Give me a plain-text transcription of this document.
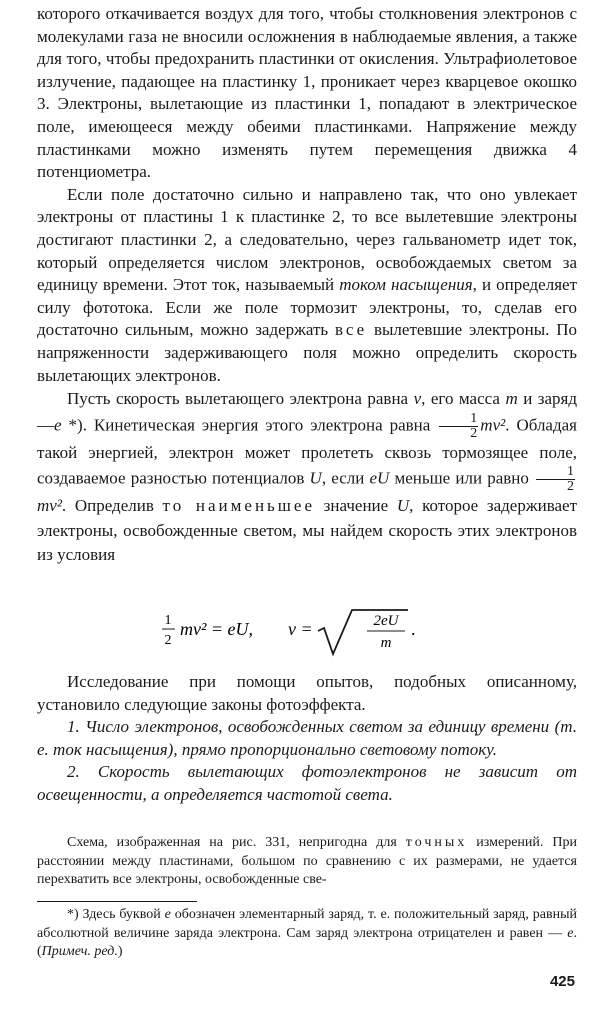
которого откачивается воздух для того, чтобы столкновения электронов с молекулами газа не вносили осложнения в наблюдаемые явления, а также для того, чтобы предохранить пластинки от окисления. Ультрафиолетовое излучение, падающее на пластинку 1, проникает через кварцевое окошко 3. Электроны, вылетающие из пластинки 1, попадают в электрическое поле, имеющееся между обеими пластинками. Напряжение между пластинками можно изменять путем перемещения движка 4 потенциометра.

Если поле достаточно сильно и направлено так, что оно увлекает электроны от пластины 1 к пластинке 2, то все вылетевшие электроны достигают пластинки 2, а следовательно, через гальванометр идет ток, который определяется числом электронов, освобождаемых светом за единицу времени. Этот ток, называемый током насыщения, и определяет силу фототока. Если же поле тормозит электроны, то, сделав его достаточно сильным, можно задержать все вылетевшие электроны. По напряженности задерживающего поля можно определить скорость вылетающих электронов.

Пусть скорость вылетающего электрона равна v, его масса m и заряд —e *). Кинетическая энергия этого электрона равна $\frac{1}{2} mv^2$. Обладая такой энергией, электрон может пролететь сквозь тормозящее поле, создаваемое разностью потенциалов U, если eU меньше или равно $\frac{1}{2}$
mv². Определив то наименьшее значение U, которое задерживает электроны, освобожденные светом, мы найдем скорость этих электронов из условия

1
2
mv² = eU, v =	2eU
m
.

Исследование при помощи опытов, подобных описанному, установило следующие законы фотоэффекта.

1. Число электронов, освобожденных светом за единицу времени (т. е. ток насыщения), прямо пропорционально световому потоку.

2. Скорость вылетающих фотоэлектронов не зависит от освещенности, а определяется частотой света.

Схема, изображенная на рис. 331, непригодна для точных измерений. При расстоянии между пластинами, большом по сравнению с их размерами, не удается перехватить все электроны, освобожденные све-

*) Здесь буквой e обозначен элементарный заряд, т. е. положительный заряд, равный абсолютной величине заряда электрона. Сам заряд электрона отрицателен и равен — e. (Примеч. ред.)

425
